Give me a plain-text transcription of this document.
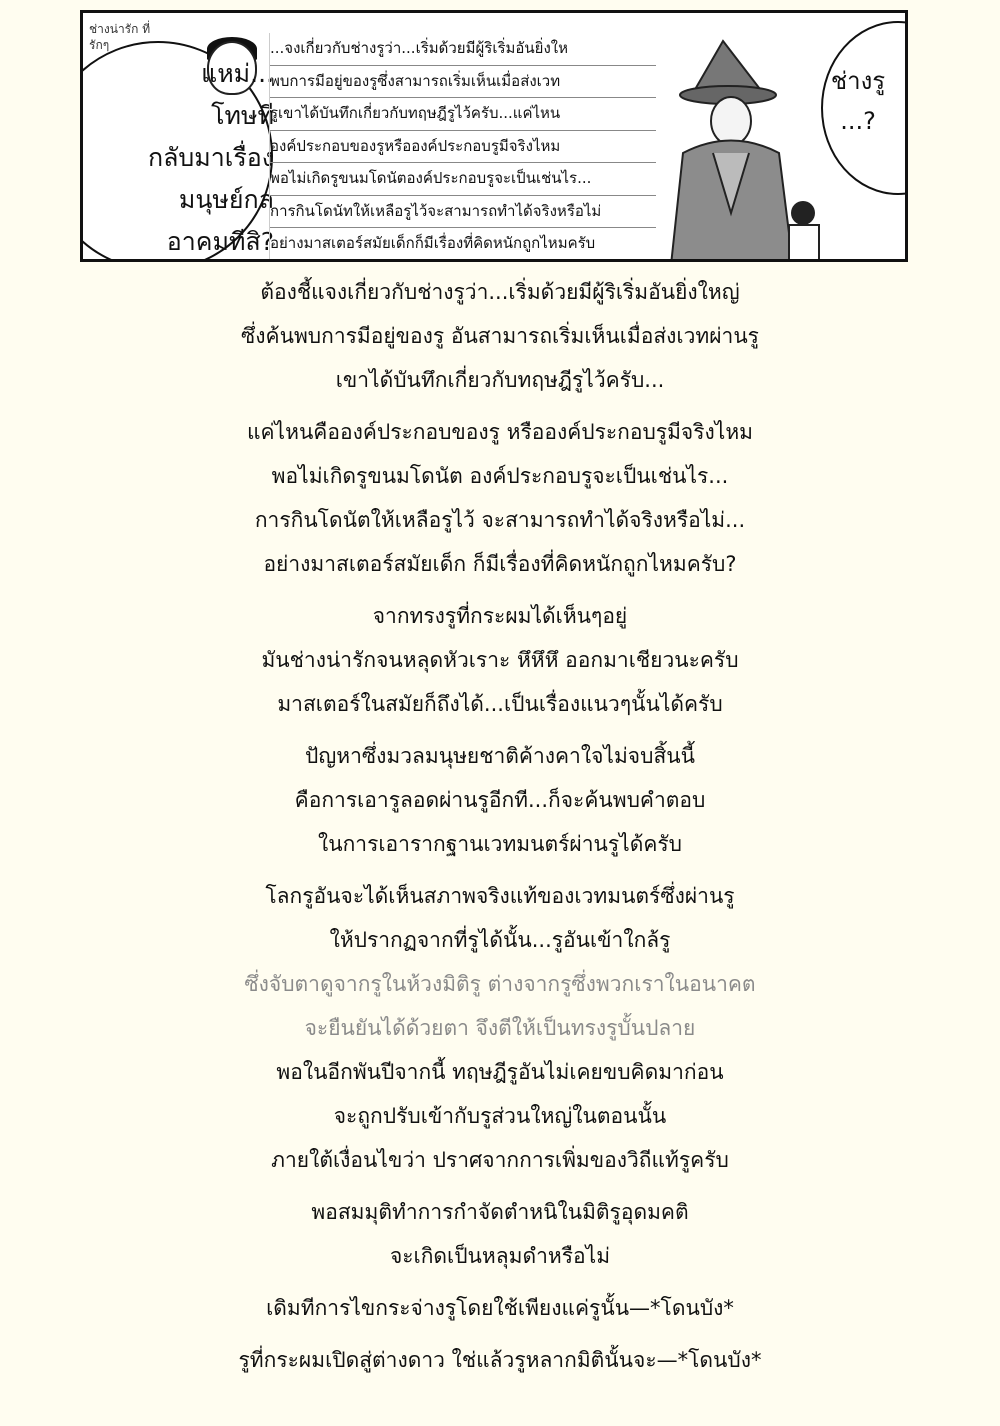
ช่างน่ารัก ที่รักๆ
แหม่...
โทษที
กลับมาเรื่อง
มนุษย์กล
อาคมทีสิ?
...จงเกี่ยวกับช่างรูว่า...เริ่มด้วยมีผู้ริเริ่มอันยิ่งให
พบการมีอยู่ของรูซึ่งสามารถเริ่มเห็นเมื่อส่งเวท
รูเขาได้บันทึกเกี่ยวกับทฤษฎีรูไว้ครับ...แค่ไหน
องค์ประกอบของรูหรือองค์ประกอบรูมีจริงไหม
พอไม่เกิดรูขนมโดนัตองค์ประกอบรูจะเป็นเช่นไร...
การกินโดนัทให้เหลือรูไว้จะสามารถทำได้จริงหรือไม่
อย่างมาสเตอร์สมัยเด็กก็มีเรื่องที่คิดหนักถูกไหมครับ
ช่างรู
...?
ต้องชี้แจงเกี่ยวกับช่างรูว่า...เริ่มด้วยมีผู้ริเริ่มอันยิ่งใหญ่
ซึ่งค้นพบการมีอยู่ของรู อันสามารถเริ่มเห็นเมื่อส่งเวทผ่านรู
เขาได้บันทึกเกี่ยวกับทฤษฎีรูไว้ครับ...
แค่ไหนคือองค์ประกอบของรู หรือองค์ประกอบรูมีจริงไหม
พอไม่เกิดรูขนมโดนัต องค์ประกอบรูจะเป็นเช่นไร...
การกินโดนัตให้เหลือรูไว้ จะสามารถทำได้จริงหรือไม่...
อย่างมาสเตอร์สมัยเด็ก ก็มีเรื่องที่คิดหนักถูกไหมครับ?
จากทรงรูที่กระผมได้เห็นๆอยู่
มันช่างน่ารักจนหลุดหัวเราะ หึหึหึ ออกมาเชียวนะครับ
มาสเตอร์ในสมัยก็ถึงได้...เป็นเรื่องแนวๆนั้นได้ครับ
ปัญหาซึ่งมวลมนุษยชาติค้างคาใจไม่จบสิ้นนี้
คือการเอารูลอดผ่านรูอีกที...ก็จะค้นพบคำตอบ
ในการเอารากฐานเวทมนตร์ผ่านรูได้ครับ
โลกรูอันจะได้เห็นสภาพจริงแท้ของเวทมนตร์ซึ่งผ่านรู
ให้ปรากฏจากที่รูได้นั้น...รูอันเข้าใกล้รู
ซึ่งจับตาดูจากรูในห้วงมิติรู ต่างจากรูซึ่งพวกเราในอนาคต
จะยืนยันได้ด้วยตา จึงตีให้เป็นทรงรูบั้นปลาย
พอในอีกพันปีจากนี้ ทฤษฎีรูอันไม่เคยขบคิดมาก่อน
จะถูกปรับเข้ากับรูส่วนใหญ่ในตอนนั้น
ภายใต้เงื่อนไขว่า ปราศจากการเพิ่มของวิถีแท้รูครับ
พอสมมุติทำการกำจัดตำหนิในมิติรูอุดมคติ
จะเกิดเป็นหลุมดำหรือไม่
เดิมทีการไขกระจ่างรูโดยใช้เพียงแค่รูนั้น—*โดนบัง*
รูที่กระผมเปิดสู่ต่างดาว ใช่แล้วรูหลากมิตินั้นจะ—*โดนบัง*
